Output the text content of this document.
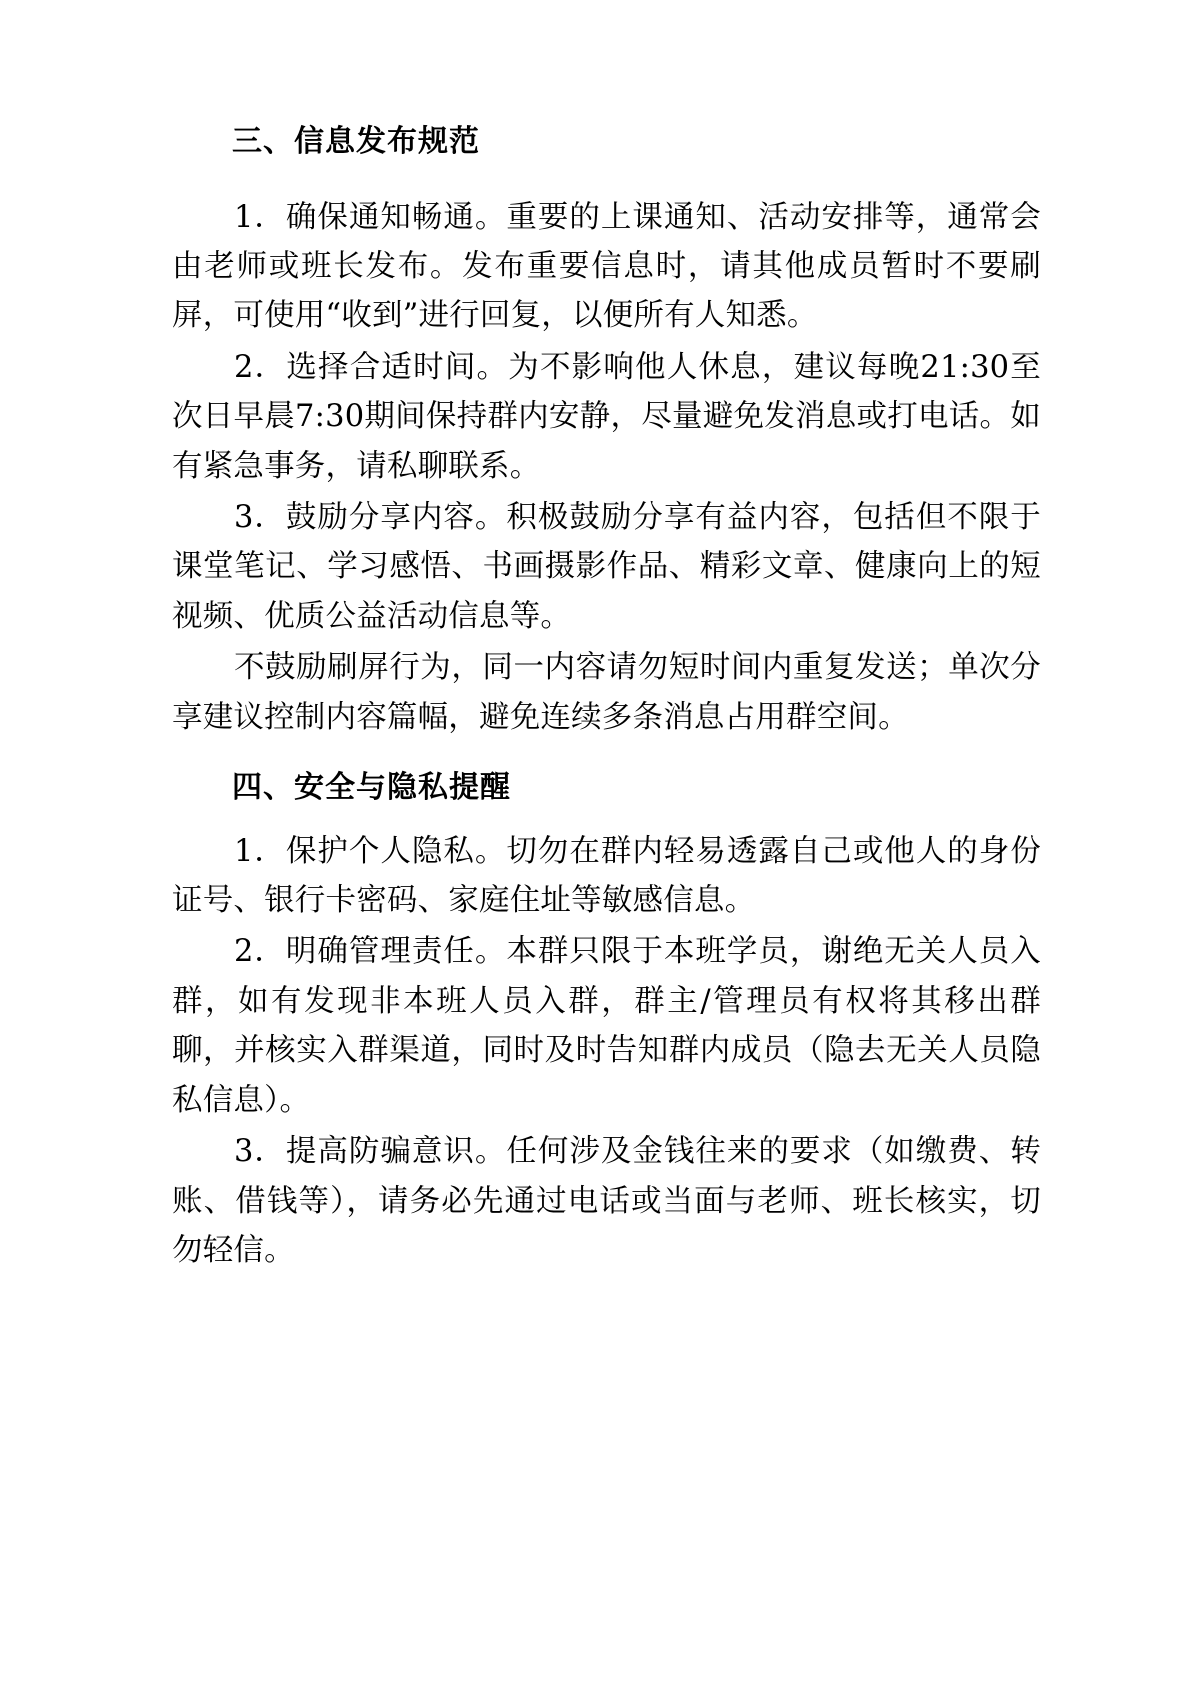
三、信息发布规范

1．确保通知畅通。重要的上课通知、活动安排等，通常会由老师或班长发布。发布重要信息时，请其他成员暂时不要刷屏，可使用“收到”进行回复，以便所有人知悉。

2．选择合适时间。为不影响他人休息，建议每晚21:30至次日早晨7:30期间保持群内安静，尽量避免发消息或打电话。如有紧急事务，请私聊联系。

3．鼓励分享内容。积极鼓励分享有益内容，包括但不限于课堂笔记、学习感悟、书画摄影作品、精彩文章、健康向上的短视频、优质公益活动信息等。

不鼓励刷屏行为，同一内容请勿短时间内重复发送；单次分享建议控制内容篇幅，避免连续多条消息占用群空间。

四、安全与隐私提醒

1．保护个人隐私。切勿在群内轻易透露自己或他人的身份证号、银行卡密码、家庭住址等敏感信息。

2．明确管理责任。本群只限于本班学员，谢绝无关人员入群，如有发现非本班人员入群，群主/管理员有权将其移出群聊，并核实入群渠道，同时及时告知群内成员（隐去无关人员隐私信息）。

3．提高防骗意识。任何涉及金钱往来的要求（如缴费、转账、借钱等），请务必先通过电话或当面与老师、班长核实，切勿轻信。
